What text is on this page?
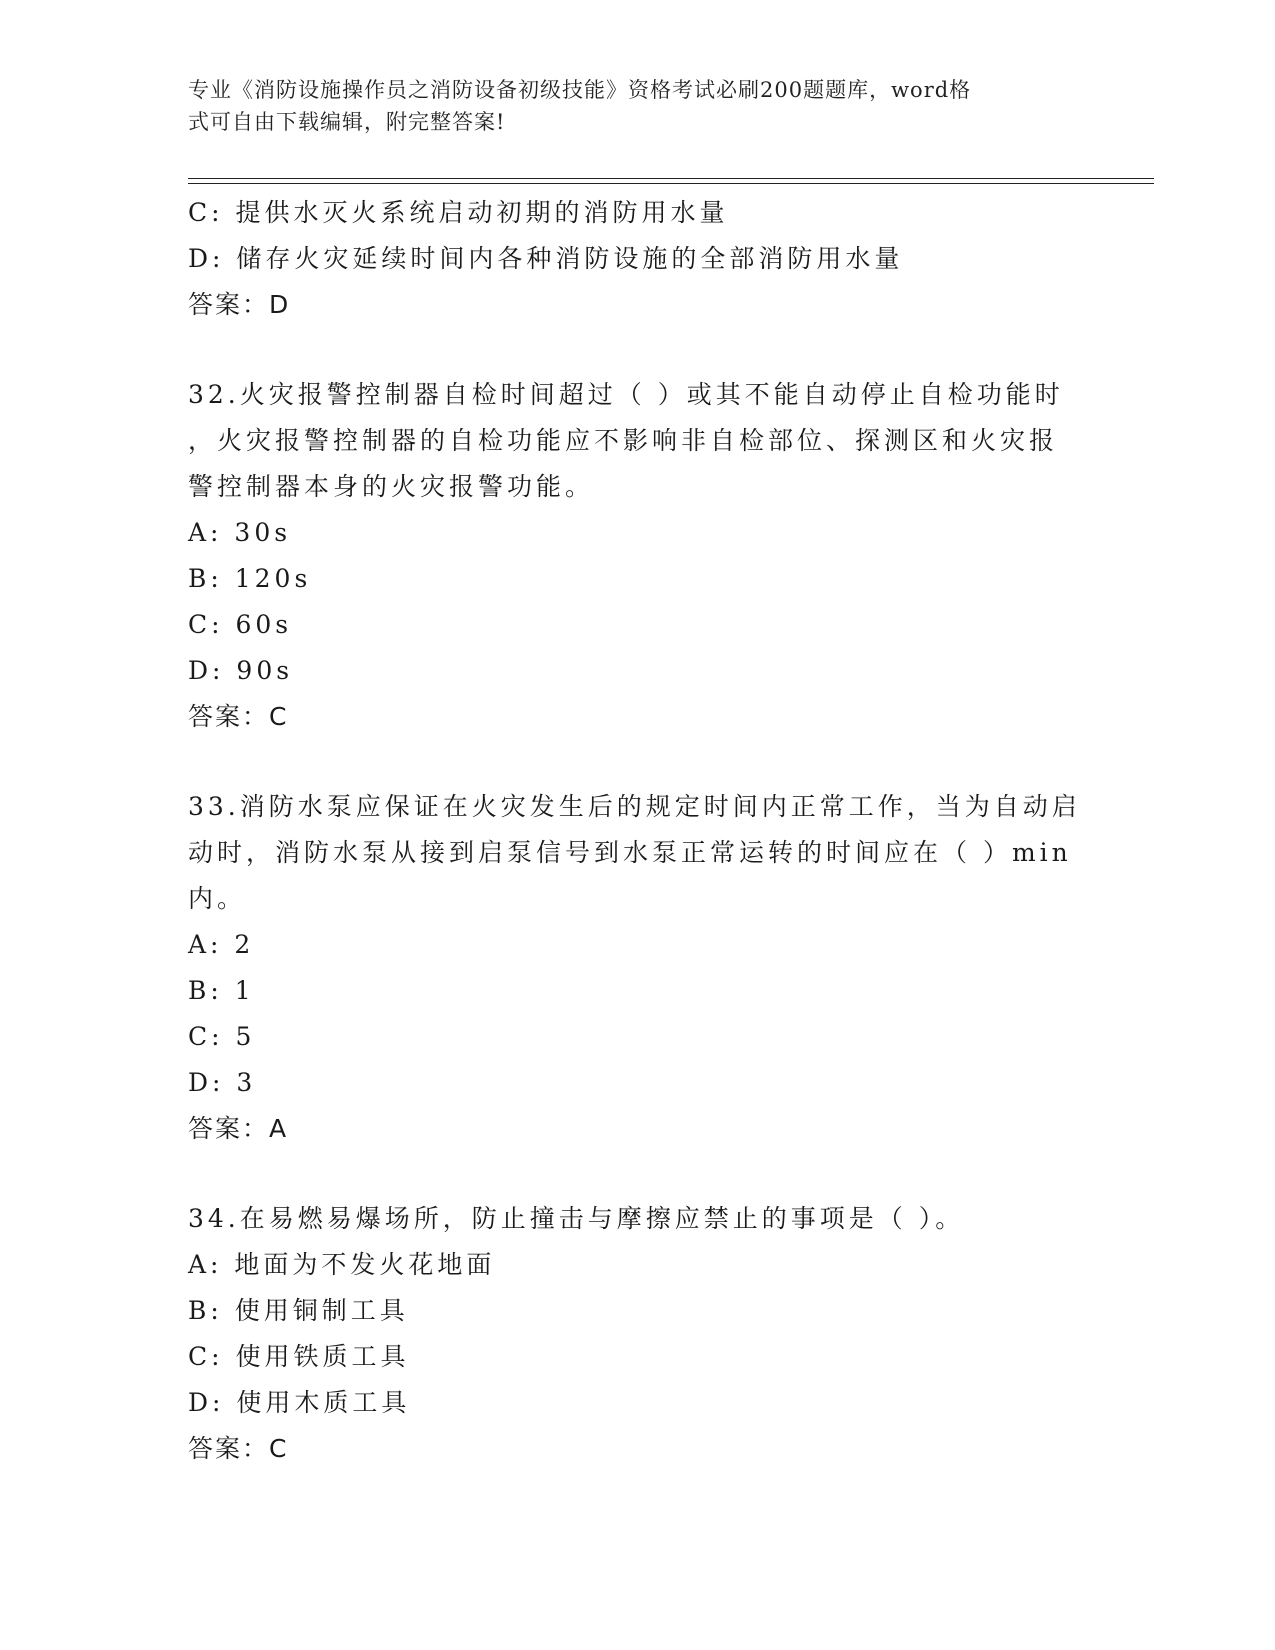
专业《消防设施操作员之消防设备初级技能》资格考试必刷200题题库，word格
式可自由下载编辑，附完整答案!
C: 提供水灭火系统启动初期的消防用水量
D: 储存火灾延续时间内各种消防设施的全部消防用水量
答案：D
32.火灾报警控制器自检时间超过（ ）或其不能自动停止自检功能时
，火灾报警控制器的自检功能应不影响非自检部位、探测区和火灾报
警控制器本身的火灾报警功能。
A: 30s
B: 120s
C: 60s
D: 90s
答案：C
33.消防水泵应保证在火灾发生后的规定时间内正常工作，当为自动启
动时，消防水泵从接到启泵信号到水泵正常运转的时间应在（ ）min
内。
A: 2
B: 1
C: 5
D: 3
答案：A
34.在易燃易爆场所，防止撞击与摩擦应禁止的事项是（ ）。
A: 地面为不发火花地面
B: 使用铜制工具
C: 使用铁质工具
D: 使用木质工具
答案：C
